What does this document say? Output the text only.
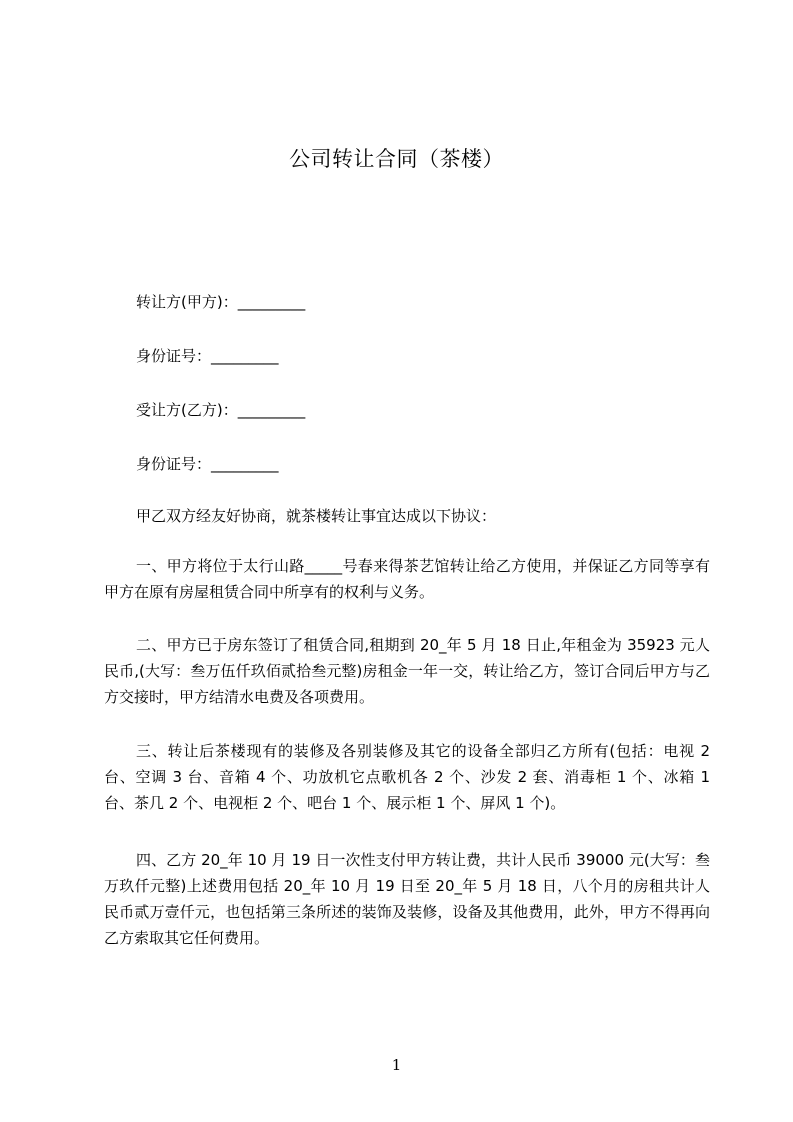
公司转让合同（茶楼）
转让方(甲方)：_________
身份证号：_________
受让方(乙方)：_________
身份证号：_________
甲乙双方经友好协商，就茶楼转让事宜达成以下协议：
一、甲方将位于太行山路_____号春来得茶艺馆转让给乙方使用，并保证乙方同等享有甲方在原有房屋租赁合同中所享有的权利与义务。
二、甲方已于房东签订了租赁合同,租期到 20_年 5 月 18 日止,年租金为 35923 元人民币,(大写：叁万伍仟玖佰贰拾叁元整)房租金一年一交，转让给乙方，签订合同后甲方与乙方交接时，甲方结清水电费及各项费用。
三、转让后茶楼现有的装修及各别装修及其它的设备全部归乙方所有(包括：电视 2 台、空调 3 台、音箱 4 个、功放机它点歌机各 2 个、沙发 2 套、消毒柜 1 个、冰箱 1 台、茶几 2 个、电视柜 2 个、吧台 1 个、展示柜 1 个、屏风 1 个)。
四、乙方 20_年 10 月 19 日一次性支付甲方转让费，共计人民币 39000 元(大写：叁万玖仟元整)上述费用包括 20_年 10 月 19 日至 20_年 5 月 18 日，八个月的房租共计人民币贰万壹仟元，也包括第三条所述的装饰及装修，设备及其他费用，此外，甲方不得再向乙方索取其它任何费用。
1
